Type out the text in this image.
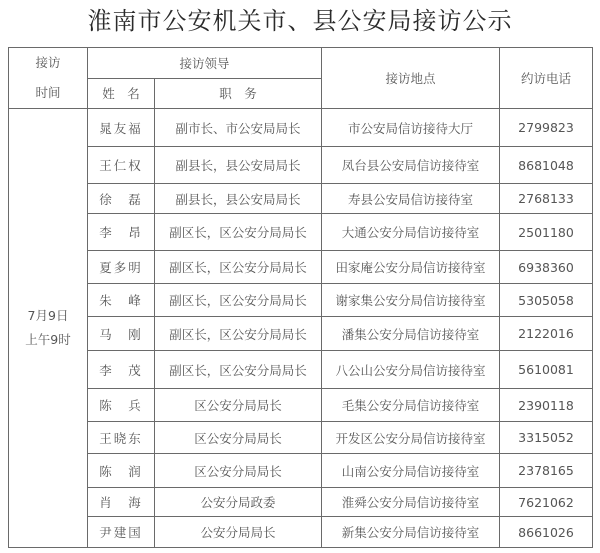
淮南市公安机关市、县公安局接访公示
接访
时间	接访领导		接访地点	约访电话
	姓　名	职　务		

7月9日
上午9时	晁友福	副市长、市公安局局长	市公安局信访接待大厅	2799823
	王仁权	副县长，县公安局局长	凤台县公安局信访接待室	8681048
	徐　磊	副县长，县公安局局长	寿县公安局信访接待室	2768133
	李　昂	副区长，区公安分局局长	大通公安分局信访接待室	2501180
	夏多明	副区长，区公安分局局长	田家庵公安分局信访接待室	6938360
	朱　峰	副区长，区公安分局局长	谢家集公安分局信访接待室	5305058
	马　刚	副区长，区公安分局局长	潘集公安分局信访接待室	2122016
	李　茂	副区长，区公安分局局长	八公山公安分局信访接待室	5610081
	陈　兵	区公安分局局长	毛集公安分局信访接待室	2390118
	王晓东	区公安分局局长	开发区公安分局信访接待室	3315052
	陈　润	区公安分局局长	山南公安分局信访接待室	2378165
	肖　海	公安分局政委	淮舜公安分局信访接待室	7621062
	尹建国	公安分局局长	新集公安分局信访接待室	8661026
